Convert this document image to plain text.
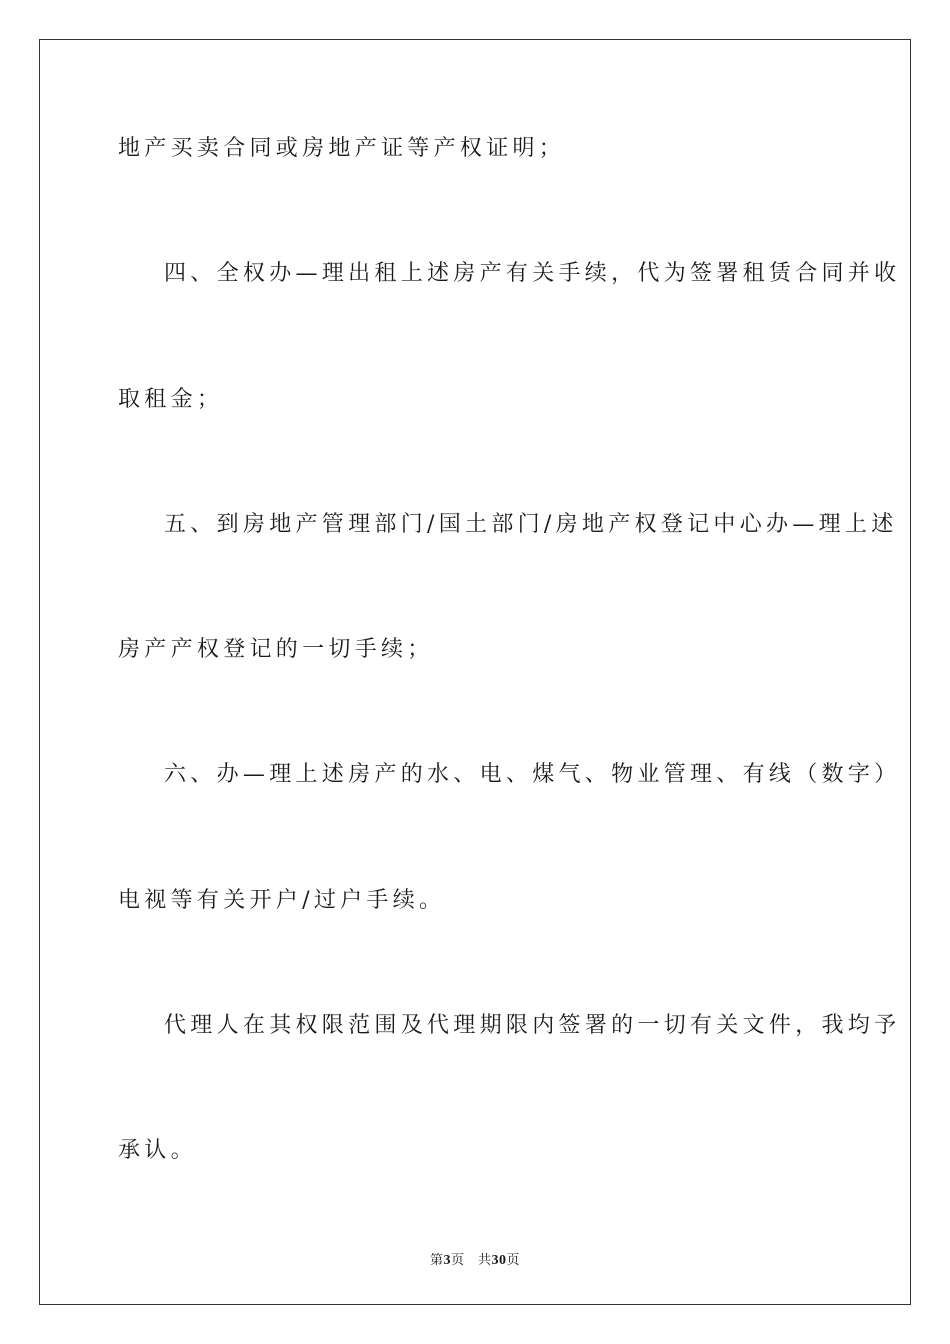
地产买卖合同或房地产证等产权证明；
四、全权办—理出租上述房产有关手续，代为签署租赁合同并收
取租金；
五、到房地产管理部门/国土部门/房地产权登记中心办—理上述
房产产权登记的一切手续；
六、办—理上述房产的水、电、煤气、物业管理、有线（数字）
电视等有关开户/过户手续。
代理人在其权限范围及代理期限内签署的一切有关文件，我均予
承认。
第3页　共30页
